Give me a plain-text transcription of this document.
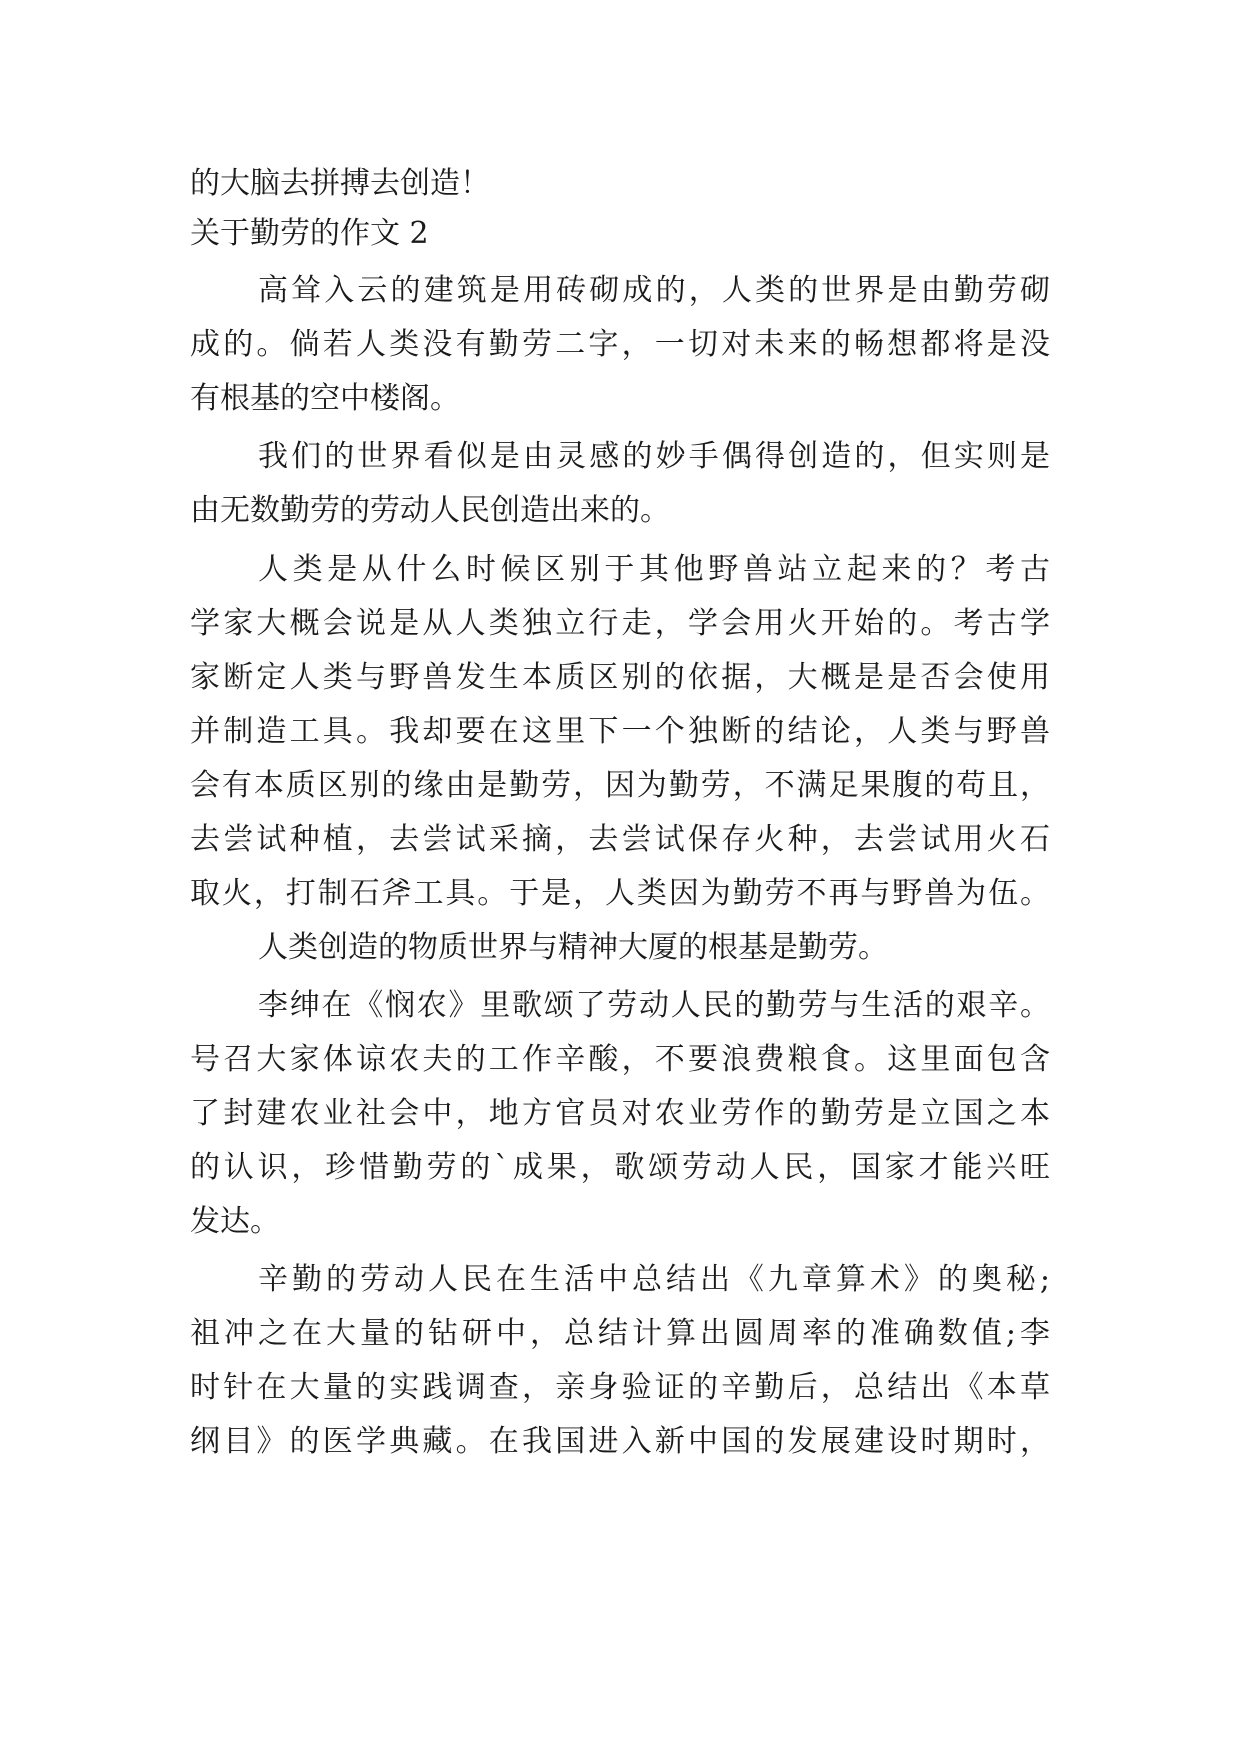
的大脑去拼搏去创造！
关于勤劳的作文 2
高耸入云的建筑是用砖砌成的，人类的世界是由勤劳砌
成的。倘若人类没有勤劳二字，一切对未来的畅想都将是没
有根基的空中楼阁。
我们的世界看似是由灵感的妙手偶得创造的，但实则是
由无数勤劳的劳动人民创造出来的。
人类是从什么时候区别于其他野兽站立起来的？考古
学家大概会说是从人类独立行走，学会用火开始的。考古学
家断定人类与野兽发生本质区别的依据，大概是是否会使用
并制造工具。我却要在这里下一个独断的结论，人类与野兽
会有本质区别的缘由是勤劳，因为勤劳，不满足果腹的苟且，
去尝试种植，去尝试采摘，去尝试保存火种，去尝试用火石
取火，打制石斧工具。于是，人类因为勤劳不再与野兽为伍。
人类创造的物质世界与精神大厦的根基是勤劳。
李绅在《悯农》里歌颂了劳动人民的勤劳与生活的艰辛。
号召大家体谅农夫的工作辛酸，不要浪费粮食。这里面包含
了封建农业社会中，地方官员对农业劳作的勤劳是立国之本
的认识，珍惜勤劳的`成果，歌颂劳动人民，国家才能兴旺
发达。
辛勤的劳动人民在生活中总结出《九章算术》的奥秘;
祖冲之在大量的钻研中，总结计算出圆周率的准确数值;李
时针在大量的实践调查，亲身验证的辛勤后，总结出《本草
纲目》的医学典藏。在我国进入新中国的发展建设时期时，
